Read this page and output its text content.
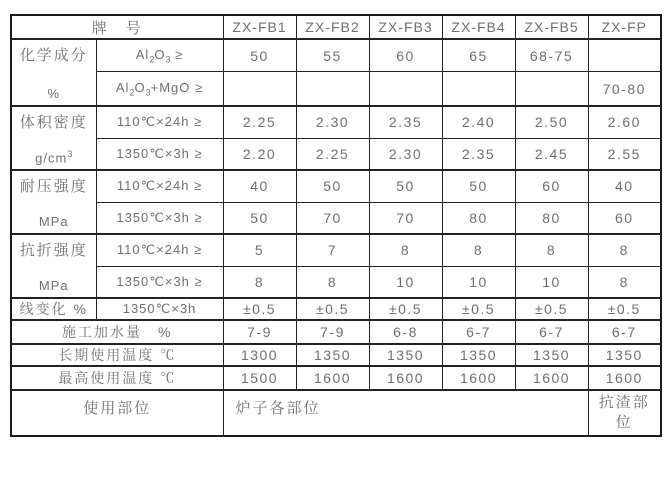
牌　号		ZX-FB1	ZX-FB2	ZX-FB3	ZX-FB4	ZX-FB5	ZX-FP

化学成分
%	$Al_2O_3$ ≥	50	55	60	65	68-75	
	$Al_2O_3+MgO$ ≥						70-80

体积密度
$g/cm^3$	110℃×24h ≥	2.25	2.30	2.35	2.40	2.50	2.60
	1350℃×3h ≥	2.20	2.25	2.30	2.35	2.45	2.55

耐压强度
MPa	110℃×24h ≥	40	50	50	50	60	40
	1350℃×3h ≥	50	70	70	80	80	60

抗折强度
MPa	110℃×24h ≥	5	7	8	8	8	8
	1350℃×3h ≥	8	8	10	10	10	8
线变化 %	1350℃×3h	±0.5	±0.5	±0.5	±0.5	±0.5	±0.5
施工加水量　%		7-9	7-9	6-8	6-7	6-7	6-7
长期使用温度 ℃		1300	1350	1350	1350	1350	1350
最高使用温度 ℃		1500	1600	1600	1600	1600	1600
使用部位		炉子各部位					抗渣部位
